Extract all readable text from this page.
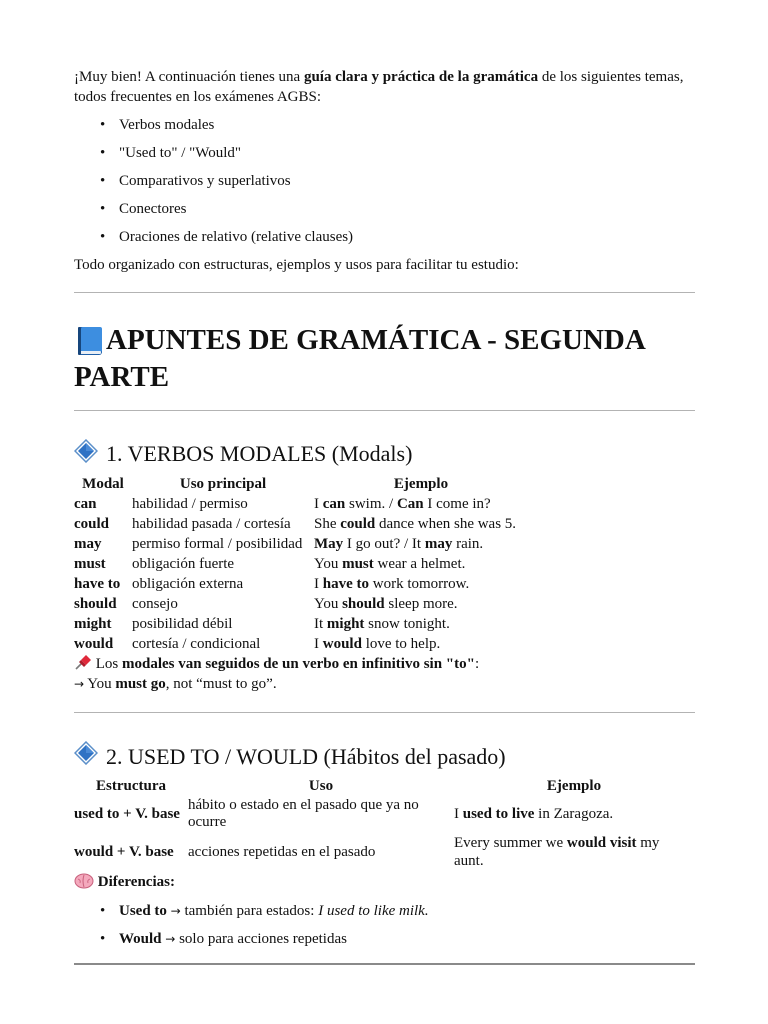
¡Muy bien! A continuación tienes una guía clara y práctica de la gramática de los siguientes temas, todos frecuentes en los exámenes AGBS:

• Verbos modales
• "Used to" / "Would"
• Comparativos y superlativos
• Conectores
• Oraciones de relativo (relative clauses)

Todo organizado con estructuras, ejemplos y usos para facilitar tu estudio:

APUNTES DE GRAMÁTICA - SEGUNDA PARTE
1. VERBOS MODALES (Modals)
Modal	Uso principal	Ejemplo
can	habilidad / permiso	I can swim. / Can I come in?
could	habilidad pasada / cortesía	She could dance when she was 5.
may	permiso formal / posibilidad	May I go out? / It may rain.
must	obligación fuerte	You must wear a helmet.
have to	obligación externa	I have to work tomorrow.
should	consejo	You should sleep more.
might	posibilidad débil	It might snow tonight.
would	cortesía / condicional	I would love to help.

Los modales van seguidos de un verbo en infinitivo sin "to":

→ You must go, not “must to go”.

2. USED TO / WOULD (Hábitos del pasado)
Estructura	Uso	Ejemplo
used to + V. base	hábito o estado en el pasado que ya no ocurre	I used to live in Zaragoza.
would + V. base	acciones repetidas en el pasado	Every summer we would visit my aunt.

Diferencias:

• Used to → también para estados: I used to like milk.
• Would → solo para acciones repetidas
